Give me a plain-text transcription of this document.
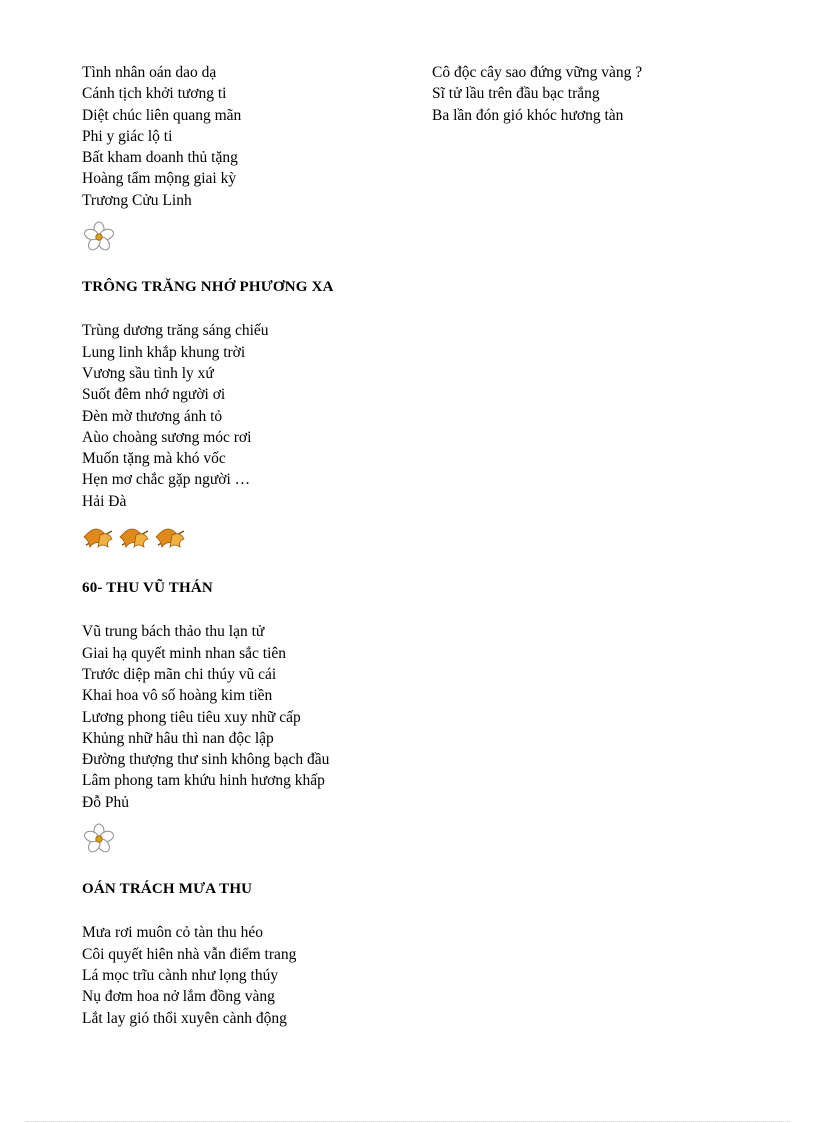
Tình nhân oán dao dạ
Cánh tịch khởi tương ti
Diệt chúc liên quang mãn
Phi y giác lộ ti
Bất kham doanh thủ tặng
Hoàng tẩm mộng giai kỳ
Trương Cửu Linh
TRÔNG TRĂNG NHỚ PHƯƠNG XA
Trùng dương trăng sáng chiếu
Lung linh khắp khung trời
Vương sầu tình ly xứ
Suốt đêm nhớ người ơi
Đèn mờ thương ánh tỏ
Aùo choàng sương móc rơi
Muốn tặng mà khó vốc
Hẹn mơ chắc gặp người …
Hải Đà
60- THU VŨ THÁN
Vũ trung bách thảo thu lạn tử
Giai hạ quyết minh nhan sắc tiên
Trước diệp mãn chi thúy vũ cái
Khai hoa vô số hoàng kim tiền
Lương phong tiêu tiêu xuy nhữ cấp
Khủng nhữ hâu thì nan độc lập
Đường thượng thư sinh không bạch đầu
Lâm phong tam khứu hinh hương khấp
Đỗ Phủ
OÁN TRÁCH MƯA THU
Mưa rơi muôn cỏ tàn thu héo
Côi quyết hiên nhà vẫn điểm trang
Lá mọc trĩu cành như lọng thúy
Nụ đơm hoa nở lắm đồng vàng
Lắt lay gió thổi xuyên cành động
Cô độc cây sao đứng vững vàng ?
Sĩ tử lầu trên đầu bạc trắng
Ba lần đón gió khóc hương tàn
